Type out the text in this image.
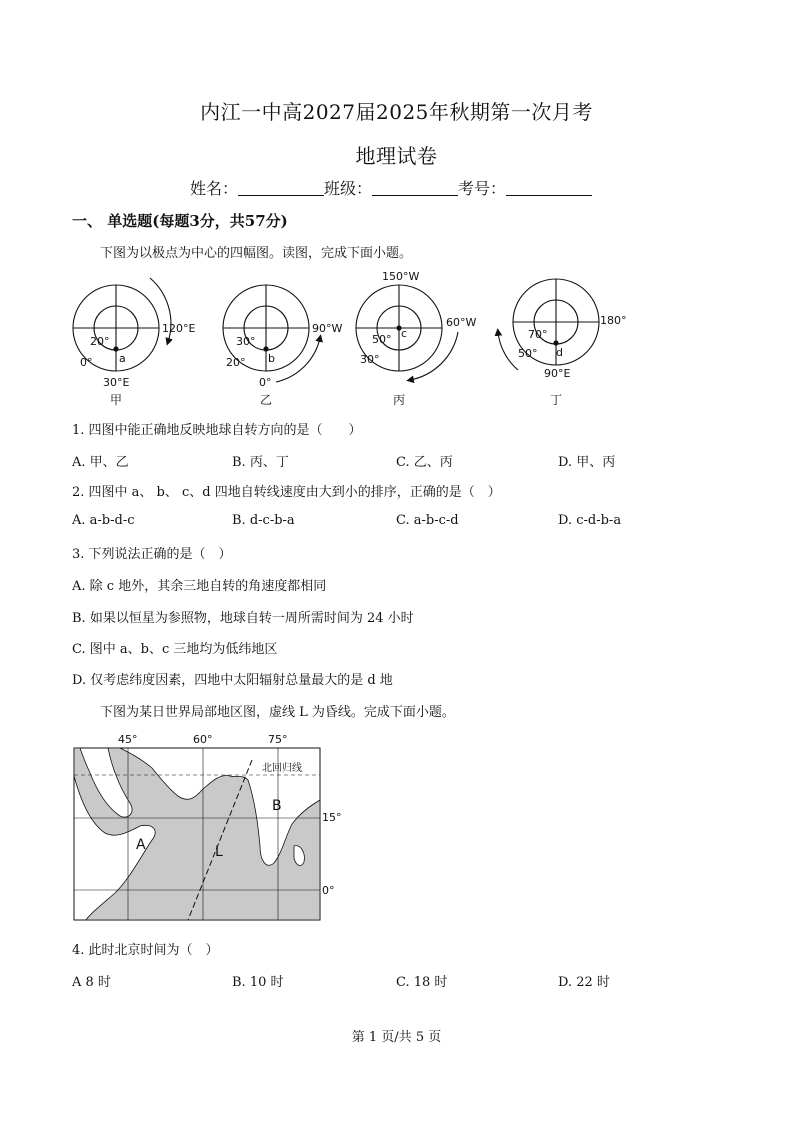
内江一中高2027届2025年秋期第一次月考
地理试卷
姓名：	班级：	考号：
一、 单选题(每题3分，共57分)
下图为以极点为中心的四幅图。读图，完成下面小题。
120°E
20°
0° a
30°E
90°W
30°
20° b
0°
150°W
60°W
50° c
30°
180°
70°
50° d
90°E
甲	乙	丙	丁
1. 四图中能正确地反映地球自转方向的是（　　）
A. 甲、乙	B. 丙、丁	C. 乙、丙	D. 甲、丙
2. 四图中 a、 b、 c、d 四地自转线速度由大到小的排序，正确的是（　）
A. a-b-d-c	B. d-c-b-a	C. a-b-c-d	D. c-d-b-a
3. 下列说法正确的是（　）
A. 除 c 地外，其余三地自转的角速度都相同
B. 如果以恒星为参照物，地球自转一周所需时间为 24 小时
C. 图中 a、b、c 三地均为低纬地区
D. 仅考虑纬度因素，四地中太阳辐射总量最大的是 d 地
下图为某日世界局部地区图，虚线 L 为昏线。完成下面小题。
45°	60°	75°
15°
0°
北回归线
A
B
L
4. 此时北京时间为（　）
A 8 时	B. 10 时	C. 18 时	D. 22 时
第 1 页/共 5 页
